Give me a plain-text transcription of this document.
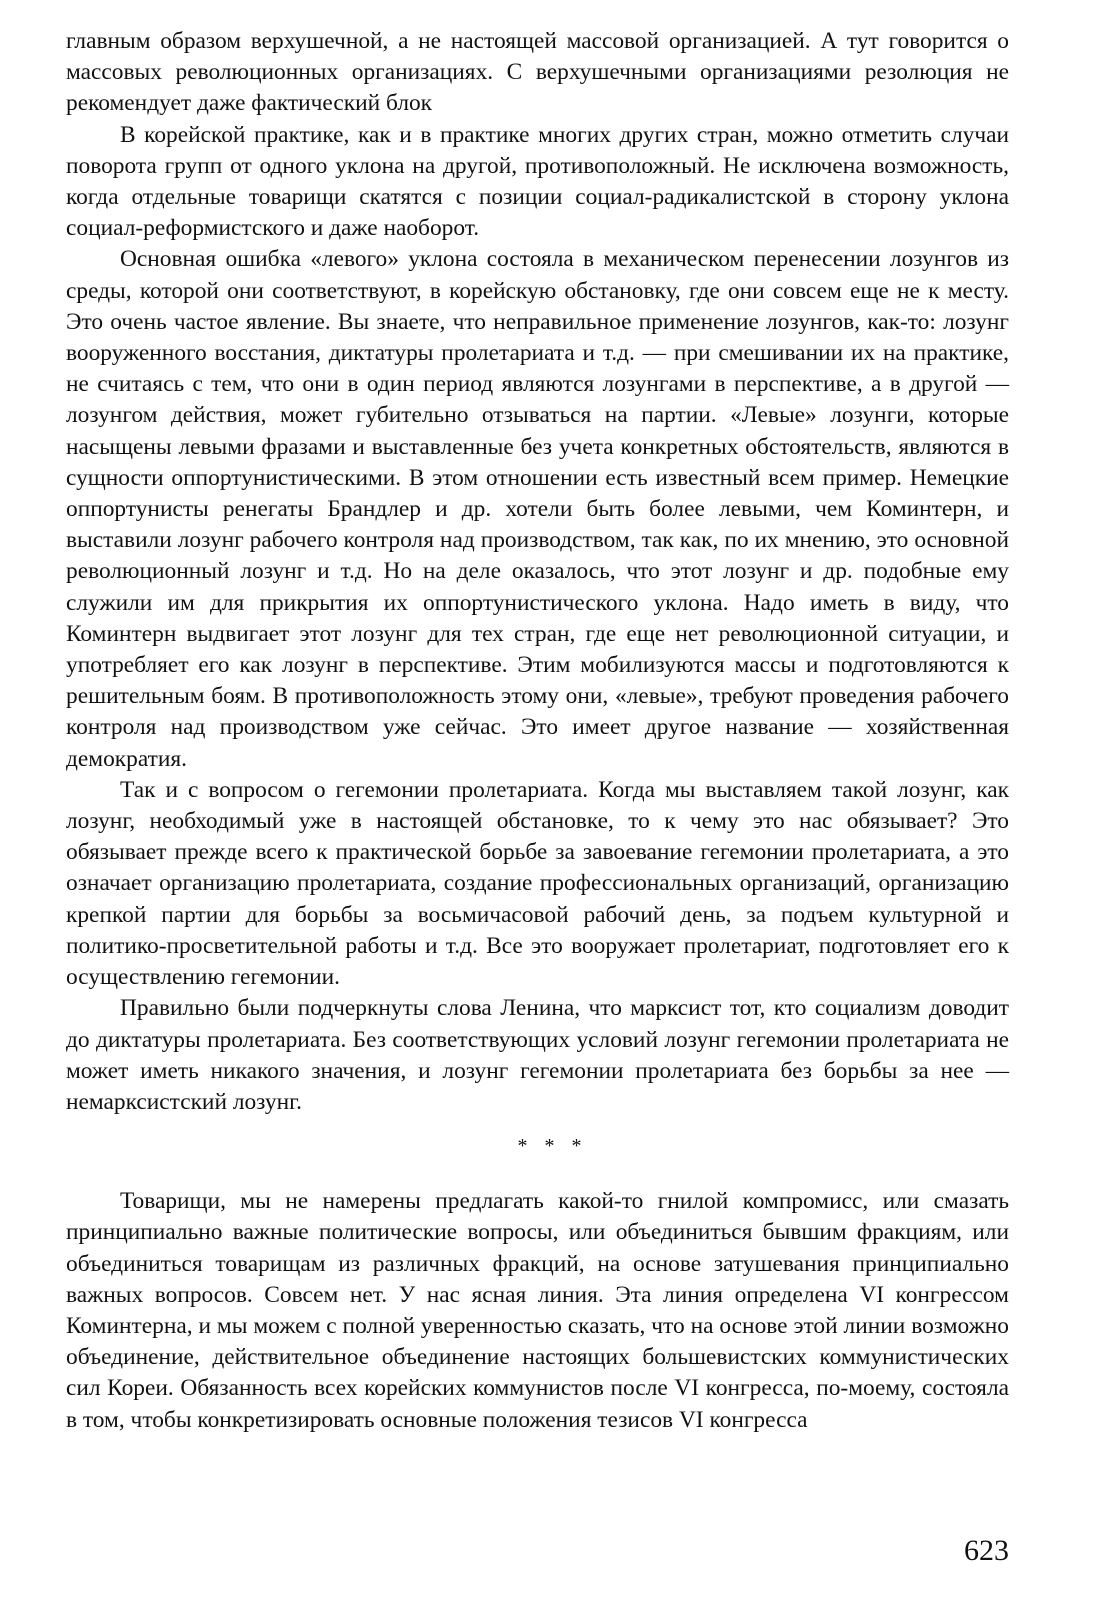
главным образом верхушечной, а не настоящей массовой организацией. А тут говорится о массовых революционных организациях. С верхушечными организациями резолюция не рекомендует даже фактический блок

В корейской практике, как и в практике многих других стран, можно отметить случаи поворота групп от одного уклона на другой, противоположный. Не исключена возможность, когда отдельные товарищи скатятся с позиции социал-радикалистской в сторону уклона социал-реформистского и даже наоборот.

Основная ошибка «левого» уклона состояла в механическом перенесении лозунгов из среды, которой они соответствуют, в корейскую обстановку, где они совсем еще не к месту. Это очень частое явление. Вы знаете, что неправильное применение лозунгов, как-то: лозунг вооруженного восстания, диктатуры пролетариата и т.д. — при смешивании их на практике, не считаясь с тем, что они в один период являются лозунгами в перспективе, а в другой — лозунгом действия, может губительно отзываться на партии. «Левые» лозунги, которые насыщены левыми фразами и выставленные без учета конкретных обстоятельств, являются в сущности оппортунистическими. В этом отношении есть известный всем пример. Немецкие оппортунисты ренегаты Брандлер и др. хотели быть более левыми, чем Коминтерн, и выставили лозунг рабочего контроля над производством, так как, по их мнению, это основной революционный лозунг и т.д. Но на деле оказалось, что этот лозунг и др. подобные ему служили им для прикрытия их оппортунистического уклона. Надо иметь в виду, что Коминтерн выдвигает этот лозунг для тех стран, где еще нет революционной ситуации, и употребляет его как лозунг в перспективе. Этим мобилизуются массы и подготовляются к решительным боям. В противоположность этому они, «левые», требуют проведения рабочего контроля над производством уже сейчас. Это имеет другое название — хозяйственная демократия.

Так и с вопросом о гегемонии пролетариата. Когда мы выставляем такой лозунг, как лозунг, необходимый уже в настоящей обстановке, то к чему это нас обязывает? Это обязывает прежде всего к практической борьбе за завоевание гегемонии пролетариата, а это означает организацию пролетариата, создание профессиональных организаций, организацию крепкой партии для борьбы за восьмичасовой рабочий день, за подъем культурной и политико-просветительной работы и т.д. Все это вооружает пролетариат, подготовляет его к осуществлению гегемонии.

Правильно были подчеркнуты слова Ленина, что марксист тот, кто социализм доводит до диктатуры пролетариата. Без соответствующих условий лозунг гегемонии пролетариата не может иметь никакого значения, и лозунг гегемонии пролетариата без борьбы за нее — немарксистский лозунг.

* * *

Товарищи, мы не намерены предлагать какой-то гнилой компромисс, или смазать принципиально важные политические вопросы, или объединиться бывшим фракциям, или объединиться товарищам из различных фракций, на основе затушевания принципиально важных вопросов. Совсем нет. У нас ясная линия. Эта линия определена VI конгрессом Коминтерна, и мы можем с полной уверенностью сказать, что на основе этой линии возможно объединение, действительное объединение настоящих большевистских коммунистических сил Кореи. Обязанность всех корейских коммунистов после VI конгресса, по-моему, состояла в том, чтобы конкретизировать основные положения тезисов VI конгресса

623
